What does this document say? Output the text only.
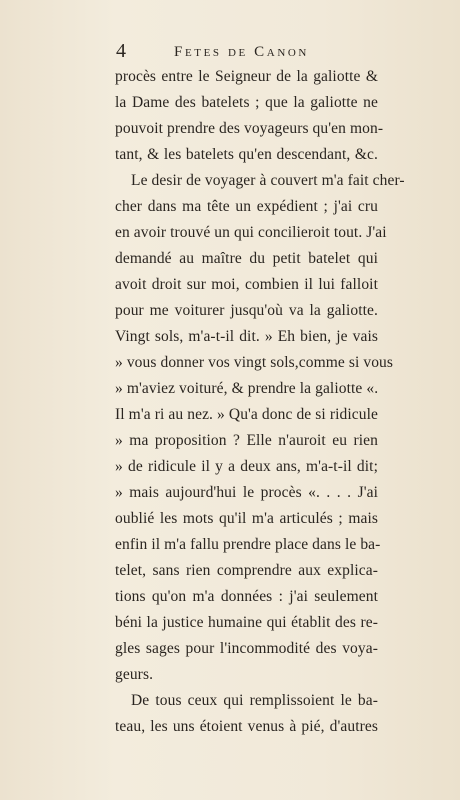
4	Fetes de Canon
procès entre le Seigneur de la galiotte &
la Dame des batelets ; que la galiotte ne
pouvoit prendre des voyageurs qu'en mon-
tant, & les batelets qu'en descendant, &c.
Le desir de voyager à couvert m'a fait cher-
cher dans ma tête un expédient ; j'ai cru
en avoir trouvé un qui concilieroit tout. J'ai
demandé au maître du petit batelet qui
avoit droit sur moi, combien il lui falloit
pour me voiturer jusqu'où va la galiotte.
Vingt sols, m'a-t-il dit. » Eh bien, je vais
» vous donner vos vingt sols,comme si vous
» m'aviez voituré, & prendre la galiotte «.
Il m'a ri au nez. » Qu'a donc de si ridicule
» ma proposition ? Elle n'auroit eu rien
» de ridicule il y a deux ans, m'a-t-il dit;
» mais aujourd'hui le procès «. . . . J'ai
oublié les mots qu'il m'a articulés ; mais
enfin il m'a fallu prendre place dans le ba-
telet, sans rien comprendre aux explica-
tions qu'on m'a données : j'ai seulement
béni la justice humaine qui établit des re-
gles sages pour l'incommodité des voya-
geurs.
De tous ceux qui remplissoient le ba-
teau, les uns étoient venus à pié, d'autres
